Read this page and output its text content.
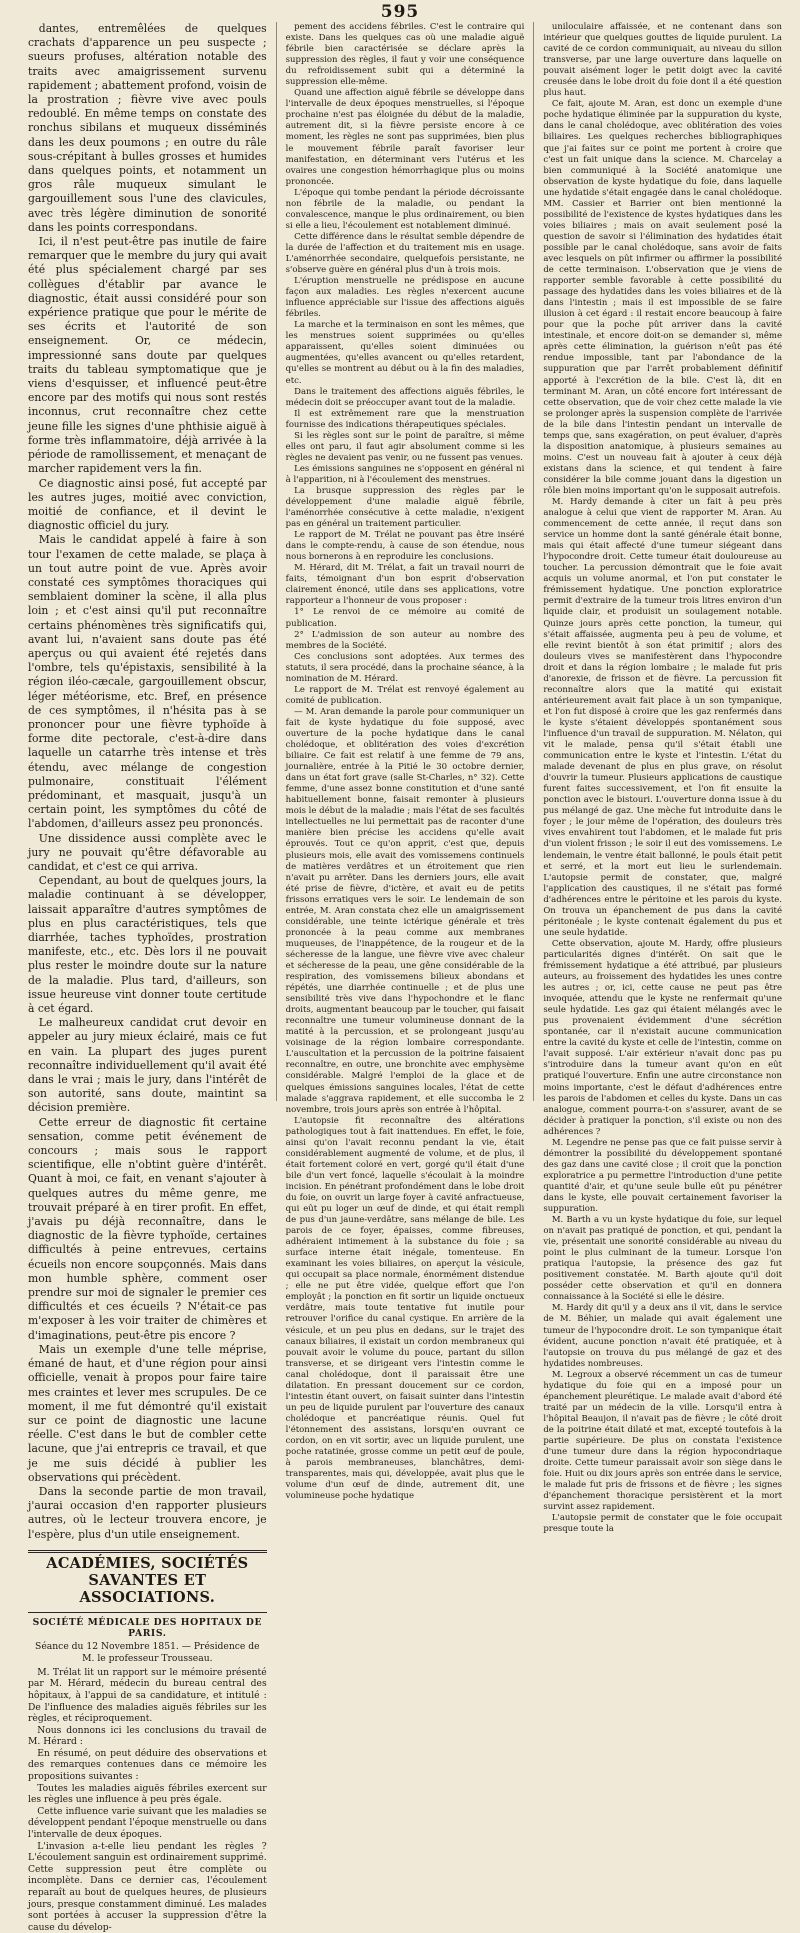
595

dantes, entremêlées de quelques crachats d'apparence un peu suspecte ; sueurs profuses, altération notable des traits avec amaigrissement survenu rapidement ; abattement profond, voisin de la prostration ; fièvre vive avec pouls redoublé. En même temps on constate des ronchus sibilans et muqueux disséminés dans les deux poumons ; en outre du râle sous-crépitant à bulles grosses et humides dans quelques points, et notamment un gros râle muqueux simulant le gargouillement sous l'une des clavicules, avec très légère diminution de sonorité dans les points correspondans.

Ici, il n'est peut-être pas inutile de faire remarquer que le membre du jury qui avait été plus spécialement chargé par ses collègues d'établir par avance le diagnostic, était aussi considéré pour son expérience pratique que pour le mérite de ses écrits et l'autorité de son enseignement. Or, ce médecin, impressionné sans doute par quelques traits du tableau symptomatique que je viens d'esquisser, et influencé peut-être encore par des motifs qui nous sont restés inconnus, crut reconnaître chez cette jeune fille les signes d'une phthisie aiguë à forme très inflammatoire, déjà arrivée à la période de ramollissement, et menaçant de marcher rapidement vers la fin.

Ce diagnostic ainsi posé, fut accepté par les autres juges, moitié avec conviction, moitié de confiance, et il devint le diagnostic officiel du jury.

Mais le candidat appelé à faire à son tour l'examen de cette malade, se plaça à un tout autre point de vue. Après avoir constaté ces symptômes thoraciques qui semblaient dominer la scène, il alla plus loin ; et c'est ainsi qu'il put reconnaître certains phénomènes très significatifs qui, avant lui, n'avaient sans doute pas été aperçus ou qui avaient été rejetés dans l'ombre, tels qu'épistaxis, sensibilité à la région iléo-cæcale, gargouillement obscur, léger météorisme, etc. Bref, en présence de ces symptômes, il n'hésita pas à se prononcer pour une fièvre typhoïde à forme dite pectorale, c'est-à-dire dans laquelle un catarrhe très intense et très étendu, avec mélange de congestion pulmonaire, constituait l'élément prédominant, et masquait, jusqu'à un certain point, les symptômes du côté de l'abdomen, d'ailleurs assez peu prononcés.

Une dissidence aussi complète avec le jury ne pouvait qu'être défavorable au candidat, et c'est ce qui arriva.

Cependant, au bout de quelques jours, la maladie continuant à se développer, laissait apparaître d'autres symptômes de plus en plus caractéristiques, tels que diarrhée, taches typhoïdes, prostration manifeste, etc., etc. Dès lors il ne pouvait plus rester le moindre doute sur la nature de la maladie. Plus tard, d'ailleurs, son issue heureuse vint donner toute certitude à cet égard.

Le malheureux candidat crut devoir en appeler au jury mieux éclairé, mais ce fut en vain. La plupart des juges purent reconnaître individuellement qu'il avait été dans le vrai ; mais le jury, dans l'intérêt de son autorité, sans doute, maintint sa décision première.

Cette erreur de diagnostic fit certaine sensation, comme petit événement de concours ; mais sous le rapport scientifique, elle n'obtint guère d'intérêt. Quant à moi, ce fait, en venant s'ajouter à quelques autres du même genre, me trouvait préparé à en tirer profit. En effet, j'avais pu déjà reconnaître, dans le diagnostic de la fièvre typhoïde, certaines difficultés à peine entrevues, certains écueils non encore soupçonnés. Mais dans mon humble sphère, comment oser prendre sur moi de signaler le premier ces difficultés et ces écueils ? N'était-ce pas m'exposer à les voir traiter de chimères et d'imaginations, peut-être pis encore ?

Mais un exemple d'une telle méprise, émané de haut, et d'une région pour ainsi officielle, venait à propos pour faire taire mes craintes et lever mes scrupules. De ce moment, il me fut démontré qu'il existait sur ce point de diagnostic une lacune réelle. C'est dans le but de combler cette lacune, que j'ai entrepris ce travail, et que je me suis décidé à publier les observations qui précèdent.

Dans la seconde partie de mon travail, j'aurai occasion d'en rapporter plusieurs autres, où le lecteur trouvera encore, je l'espère, plus d'un utile enseignement.

ACADÉMIES, SOCIÉTÉS SAVANTES ET ASSOCIATIONS.
SOCIÉTÉ MÉDICALE DES HOPITAUX DE PARIS.

Séance du 12 Novembre 1851. — Présidence de M. le professeur Trousseau.

M. Trélat lit un rapport sur le mémoire présenté par M. Hérard, médecin du bureau central des hôpitaux, à l'appui de sa candidature, et intitulé : De l'influence des maladies aiguës fébriles sur les règles, et réciproquement.

Nous donnons ici les conclusions du travail de M. Hérard :

En résumé, on peut déduire des observations et des remarques contenues dans ce mémoire les propositions suivantes :

Toutes les maladies aiguës fébriles exercent sur les règles une influence à peu près égale.

Cette influence varie suivant que les maladies se développent pendant l'époque menstruelle ou dans l'intervalle de deux époques.

L'invasion a-t-elle lieu pendant les règles ? L'écoulement sanguin est ordinairement supprimé. Cette suppression peut être complète ou incomplète. Dans ce dernier cas, l'écoulement reparaît au bout de quelques heures, de plusieurs jours, presque constamment diminué. Les malades sont portées à accuser la suppression d'être la cause du dévelop-

pement des accidens fébriles. C'est le contraire qui existe. Dans les quelques cas où une maladie aiguë fébrile bien caractérisée se déclare après la suppression des règles, il faut y voir une conséquence du refroidissement subit qui a déterminé la suppression elle-même.

Quand une affection aiguë fébrile se développe dans l'intervalle de deux époques menstruelles, si l'époque prochaine n'est pas éloignée du début de la maladie, autrement dit, si la fièvre persiste encore à ce moment, les règles ne sont pas supprimées, bien plus le mouvement fébrile paraît favoriser leur manifestation, en déterminant vers l'utérus et les ovaires une congestion hémorrhagique plus ou moins prononcée.

L'époque qui tombe pendant la période décroissante non fébrile de la maladie, ou pendant la convalescence, manque le plus ordinairement, ou bien si elle a lieu, l'écoulement est notablement diminué.

Cette différence dans le résultat semble dépendre de la durée de l'affection et du traitement mis en usage. L'aménorrhée secondaire, quelquefois persistante, ne s'observe guère en général plus d'un à trois mois.

L'éruption menstruelle ne prédispose en aucune façon aux maladies. Les règles n'exercent aucune influence appréciable sur l'issue des affections aiguës fébriles.

La marche et la terminaison en sont les mêmes, que les menstrues soient supprimées ou qu'elles apparaissent, qu'elles soient diminuées ou augmentées, qu'elles avancent ou qu'elles retardent, qu'elles se montrent au début ou à la fin des maladies, etc.

Dans le traitement des affections aiguës fébriles, le médecin doit se préoccuper avant tout de la maladie.

Il est extrêmement rare que la menstruation fournisse des indications thérapeutiques spéciales.

Si les règles sont sur le point de paraître, si même elles ont paru, il faut agir absolument comme si les règles ne devaient pas venir, ou ne fussent pas venues.

Les émissions sanguines ne s'opposent en général ni à l'apparition, ni à l'écoulement des menstrues.

La brusque suppression des règles par le développement d'une maladie aiguë fébrile, l'aménorrhée consécutive à cette maladie, n'exigent pas en général un traitement particulier.

Le rapport de M. Trélat ne pouvant pas être inséré dans le compte-rendu, à cause de son étendue, nous nous bornerons à en reproduire les conclusions.

M. Hérard, dit M. Trélat, a fait un travail nourri de faits, témoignant d'un bon esprit d'observation clairement énoncé, utile dans ses applications, votre rapporteur a l'honneur de vous proposer :

1° Le renvoi de ce mémoire au comité de publication.

2° L'admission de son auteur au nombre des membres de la Société.

Ces conclusions sont adoptées. Aux termes des statuts, il sera procédé, dans la prochaine séance, à la nomination de M. Hérard.

Le rapport de M. Trélat est renvoyé également au comité de publication.

— M. Aran demande la parole pour communiquer un fait de kyste hydatique du foie supposé, avec ouverture de la poche hydatique dans le canal cholédoque, et oblitération des voies d'excrétion biliaire. Ce fait est relatif à une femme de 79 ans, journalière, entrée à la Pitié le 30 octobre dernier, dans un état fort grave (salle St-Charles, n° 32). Cette femme, d'une assez bonne constitution et d'une santé habituellement bonne, faisait remonter à plusieurs mois le début de la maladie ; mais l'état de ses facultés intellectuelles ne lui permettait pas de raconter d'une manière bien précise les accidens qu'elle avait éprouvés. Tout ce qu'on apprit, c'est que, depuis plusieurs mois, elle avait des vomissemens continuels de matières verdâtres et un étroitement que rien n'avait pu arrêter. Dans les derniers jours, elle avait été prise de fièvre, d'ictère, et avait eu de petits frissons erratiques vers le soir. Le lendemain de son entrée, M. Aran constata chez elle un amaigrissement considérable, une teinte ictérique générale et très prononcée à la peau comme aux membranes muqueuses, de l'inappétence, de la rougeur et de la sécheresse de la langue, une fièvre vive avec chaleur et sécheresse de la peau, une gêne considérable de la respiration, des vomissemens bilieux abondans et répétés, une diarrhée continuelle ; et de plus une sensibilité très vive dans l'hypochondre et le flanc droits, augmentant beaucoup par le toucher, qui faisait reconnaître une tumeur volumineuse donnant de la matité à la percussion, et se prolongeant jusqu'au voisinage de la région lombaire correspondante. L'auscultation et la percussion de la poitrine faisaient reconnaître, en outre, une bronchite avec emphysème considérable. Malgré l'emploi de la glace et de quelques émissions sanguines locales, l'état de cette malade s'aggrava rapidement, et elle succomba le 2 novembre, trois jours après son entrée à l'hôpital.

L'autopsie fit reconnaître des altérations pathologiques tout à fait inattendues. En effet, le foie, ainsi qu'on l'avait reconnu pendant la vie, était considérablement augmenté de volume, et de plus, il était fortement coloré en vert, gorgé qu'il était d'une bile d'un vert foncé, laquelle s'écoulait à la moindre incision. En pénétrant profondément dans le lobe droit du foie, on ouvrit un large foyer à cavité anfractueuse, qui eût pu loger un œuf de dinde, et qui était rempli de pus d'un jaune-verdâtre, sans mélange de bile. Les parois de ce foyer, épaisses, comme fibreuses, adhéraient intimement à la substance du foie ; sa surface interne était inégale, tomenteuse. En examinant les voies biliaires, on aperçut la vésicule, qui occupait sa place normale, énormément distendue ; elle ne put être vidée, quelque effort que l'on employât ; la ponction en fit sortir un liquide onctueux verdâtre, mais toute tentative fut inutile pour retrouver l'orifice du canal cystique. En arrière de la vésicule, et un peu plus en dedans, sur le trajet des canaux biliaires, il existait un cordon membraneux qui pouvait avoir le volume du pouce, partant du sillon transverse, et se dirigeant vers l'intestin comme le canal cholédoque, dont il paraissait être une dilatation. En pressant doucement sur ce cordon, l'intestin étant ouvert, on faisait suinter dans l'intestin un peu de liquide purulent par l'ouverture des canaux cholédoque et pancréatique réunis. Quel fut l'étonnement des assistans, lorsqu'en ouvrant ce cordon, on en vit sortir, avec un liquide purulent, une poche ratatinée, grosse comme un petit œuf de poule, à parois membraneuses, blanchâtres, demi-transparentes, mais qui, développée, avait plus que le volume d'un œuf de dinde, autrement dit, une volumineuse poche hydatique

uniloculaire affaissée, et ne contenant dans son intérieur que quelques gouttes de liquide purulent. La cavité de ce cordon communiquait, au niveau du sillon transverse, par une large ouverture dans laquelle on pouvait aisément loger le petit doigt avec la cavité creusée dans le lobe droit du foie dont il a été question plus haut.

Ce fait, ajoute M. Aran, est donc un exemple d'une poche hydatique éliminée par la suppuration du kyste, dans le canal cholédoque, avec oblitération des voies biliaires. Les quelques recherches bibliographiques que j'ai faites sur ce point me portent à croire que c'est un fait unique dans la science. M. Charcelay a bien communiqué à la Société anatomique une observation de kyste hydatique du foie, dans laquelle une hydatide s'était engagée dans le canal cholédoque. MM. Cassier et Barrier ont bien mentionné la possibilité de l'existence de kystes hydatiques dans les voies biliaires ; mais on avait seulement posé la question de savoir si l'élimination des hydatides était possible par le canal cholédoque, sans avoir de faits avec lesquels on pût infirmer ou affirmer la possibilité de cette terminaison. L'observation que je viens de rapporter semble favorable à cette possibilité du passage des hydatides dans les voies biliaires et de là dans l'intestin ; mais il est impossible de se faire illusion à cet égard : il restait encore beaucoup à faire pour que la poche pût arriver dans la cavité intestinale, et encore doit-on se demander si, même après cette élimination, la guérison n'eût pas été rendue impossible, tant par l'abondance de la suppuration que par l'arrêt probablement définitif apporté à l'excrétion de la bile. C'est là, dit en terminant M. Aran, un côté encore fort intéressant de cette observation, que de voir chez cette malade la vie se prolonger après la suspension complète de l'arrivée de la bile dans l'intestin pendant un intervalle de temps que, sans exagération, on peut évaluer, d'après la disposition anatomique, à plusieurs semaines au moins. C'est un nouveau fait à ajouter à ceux déjà existans dans la science, et qui tendent à faire considérer la bile comme jouant dans la digestion un rôle bien moins important qu'on le supposait autrefois.

M. Hardy demande à citer un fait à peu près analogue à celui que vient de rapporter M. Aran. Au commencement de cette année, il reçut dans son service un homme dont la santé générale était bonne, mais qui était affecté d'une tumeur siégeant dans l'hypocondre droit. Cette tumeur était douloureuse au toucher. La percussion démontrait que le foie avait acquis un volume anormal, et l'on put constater le frémissement hydatique. Une ponction exploratrice permit d'extraire de la tumeur trois litres environ d'un liquide clair, et produisit un soulagement notable. Quinze jours après cette ponction, la tumeur, qui s'était affaissée, augmenta peu à peu de volume, et elle revint bientôt à son état primitif ; alors des douleurs vives se manifestèrent dans l'hypocondre droit et dans la région lombaire ; le malade fut pris d'anorexie, de frisson et de fièvre. La percussion fit reconnaître alors que la matité qui existait antérieurement avait fait place à un son tympanique, et l'on fut disposé à croire que les gaz renfermés dans le kyste s'étaient développés spontanément sous l'influence d'un travail de suppuration. M. Nélaton, qui vit le malade, pensa qu'il s'était établi une communication entre le kyste et l'intestin. L'état du malade devenant de plus en plus grave, on résolut d'ouvrir la tumeur. Plusieurs applications de caustique furent faites successivement, et l'on fit ensuite la ponction avec le bistouri. L'ouverture donna issue à du pus mélangé de gaz. Une mèche fut introduite dans le foyer ; le jour même de l'opération, des douleurs très vives envahirent tout l'abdomen, et le malade fut pris d'un violent frisson ; le soir il eut des vomissemens. Le lendemain, le ventre était ballonné, le pouls était petit et serré, et la mort eut lieu le surlendemain. L'autopsie permit de constater, que, malgré l'application des caustiques, il ne s'était pas formé d'adhérences entre le péritoine et les parois du kyste. On trouva un épanchement de pus dans la cavité péritonéale ; le kyste contenait également du pus et une seule hydatide.

Cette observation, ajoute M. Hardy, offre plusieurs particularités dignes d'intérêt. On sait que le frémissement hydatique a été attribué, par plusieurs auteurs, au froissement des hydatides les unes contre les autres ; or, ici, cette cause ne peut pas être invoquée, attendu que le kyste ne renfermait qu'une seule hydatide. Les gaz qui étaient mélangés avec le pus provenaient évidemment d'une sécrétion spontanée, car il n'existait aucune communication entre la cavité du kyste et celle de l'intestin, comme on l'avait supposé. L'air extérieur n'avait donc pas pu s'introduire dans la tumeur avant qu'on en eût pratiqué l'ouverture. Enfin une autre circonstance non moins importante, c'est le défaut d'adhérences entre les parois de l'abdomen et celles du kyste. Dans un cas analogue, comment pourra-t-on s'assurer, avant de se décider à pratiquer la ponction, s'il existe ou non des adhérences ?

M. Legendre ne pense pas que ce fait puisse servir à démontrer la possibilité du développement spontané des gaz dans une cavité close ; il croit que la ponction exploratrice a pu permettre l'introduction d'une petite quantité d'air, et qu'une seule bulle eût pu pénétrer dans le kyste, elle pouvait certainement favoriser la suppuration.

M. Barth a vu un kyste hydatique du foie, sur lequel on n'avait pas pratiqué de ponction, et qui, pendant la vie, présentait une sonorité considérable au niveau du point le plus culminant de la tumeur. Lorsque l'on pratiqua l'autopsie, la présence des gaz fut positivement constatée. M. Barth ajoute qu'il doit posséder cette observation et qu'il en donnera connaissance à la Société si elle le désire.

M. Hardy dit qu'il y a deux ans il vit, dans le service de M. Béhier, un malade qui avait également une tumeur de l'hypocondre droit. Le son tympanique était évident, aucune ponction n'avait été pratiquée, et à l'autopsie on trouva du pus mélangé de gaz et des hydatides nombreuses.

M. Legroux a observé récemment un cas de tumeur hydatique du foie qui en a imposé pour un épanchement pleurétique. Le malade avait d'abord été traité par un médecin de la ville. Lorsqu'il entra à l'hôpital Beaujon, il n'avait pas de fièvre ; le côté droit de la poitrine était dilaté et mat, excepté toutefois à la partie supérieure. De plus on constata l'existence d'une tumeur dure dans la région hypocondriaque droite. Cette tumeur paraissait avoir son siège dans le foie. Huit ou dix jours après son entrée dans le service, le malade fut pris de frissons et de fièvre ; les signes d'épanchement thoracique persistèrent et la mort survint assez rapidement.

L'autopsie permit de constater que le foie occupait presque toute la
